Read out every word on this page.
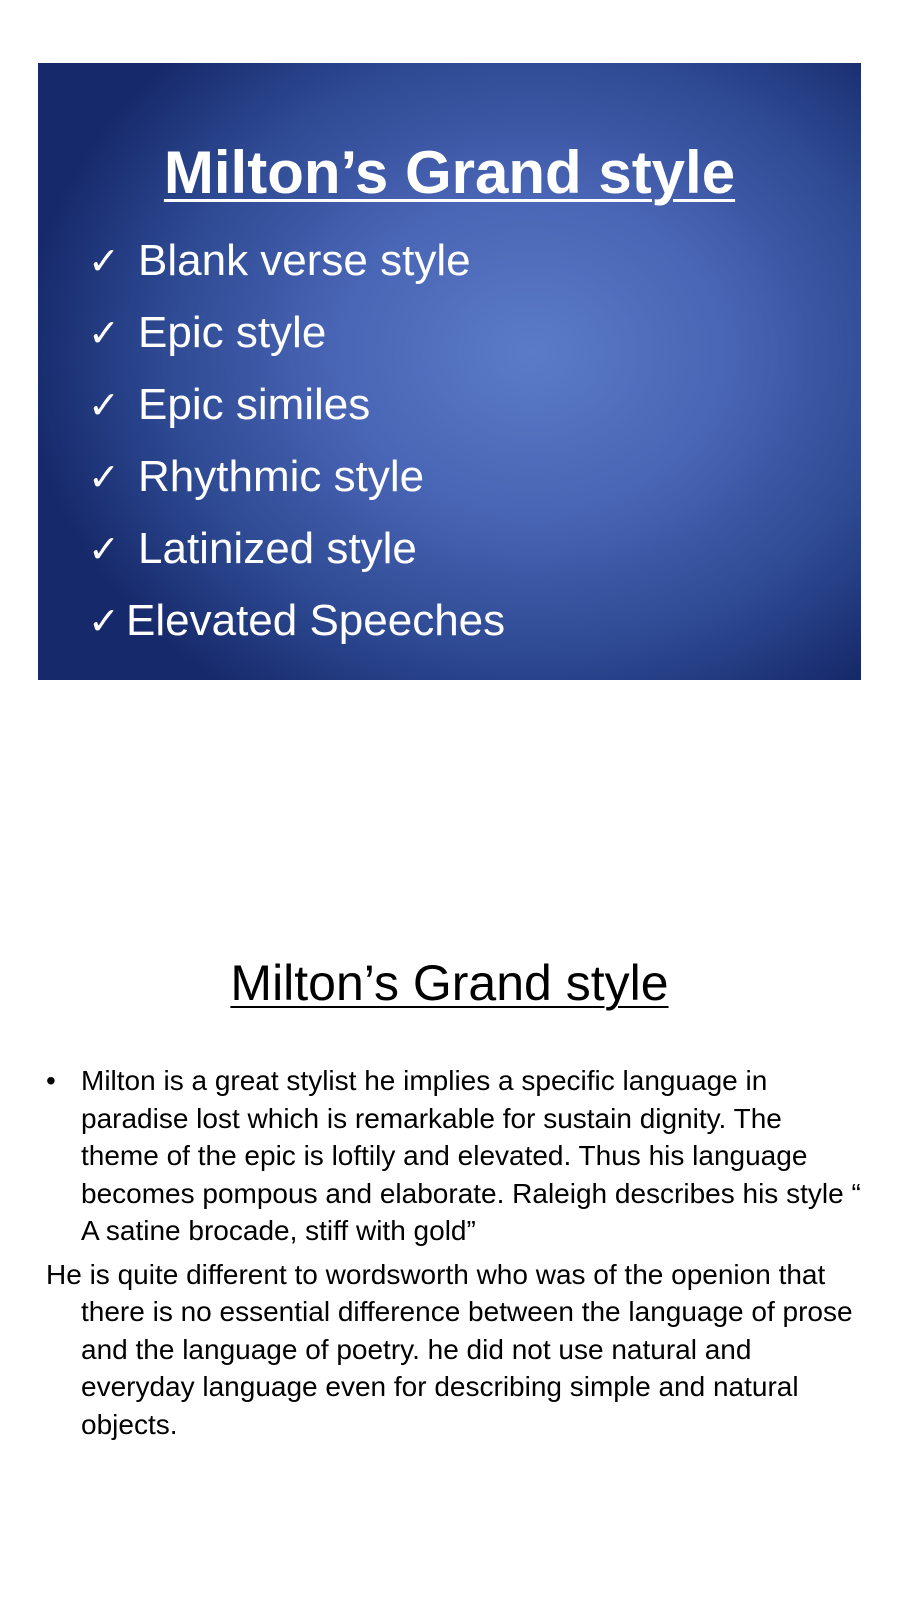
Milton’s Grand style
✓ Blank verse style
✓ Epic style
✓ Epic similes
✓ Rhythmic style
✓ Latinized style
✓ Elevated Speeches
Milton’s Grand style

• Milton is a great stylist he implies a specific language in paradise lost which is remarkable for sustain dignity. The theme of the epic is loftily and elevated. Thus his language becomes pompous and elaborate. Raleigh describes his style “ A satine brocade, stiff with gold”

He is quite different to wordsworth who was of the openion that there is no essential difference between the language of prose and the language of poetry. he did not use natural and everyday language even for describing simple and natural objects.
